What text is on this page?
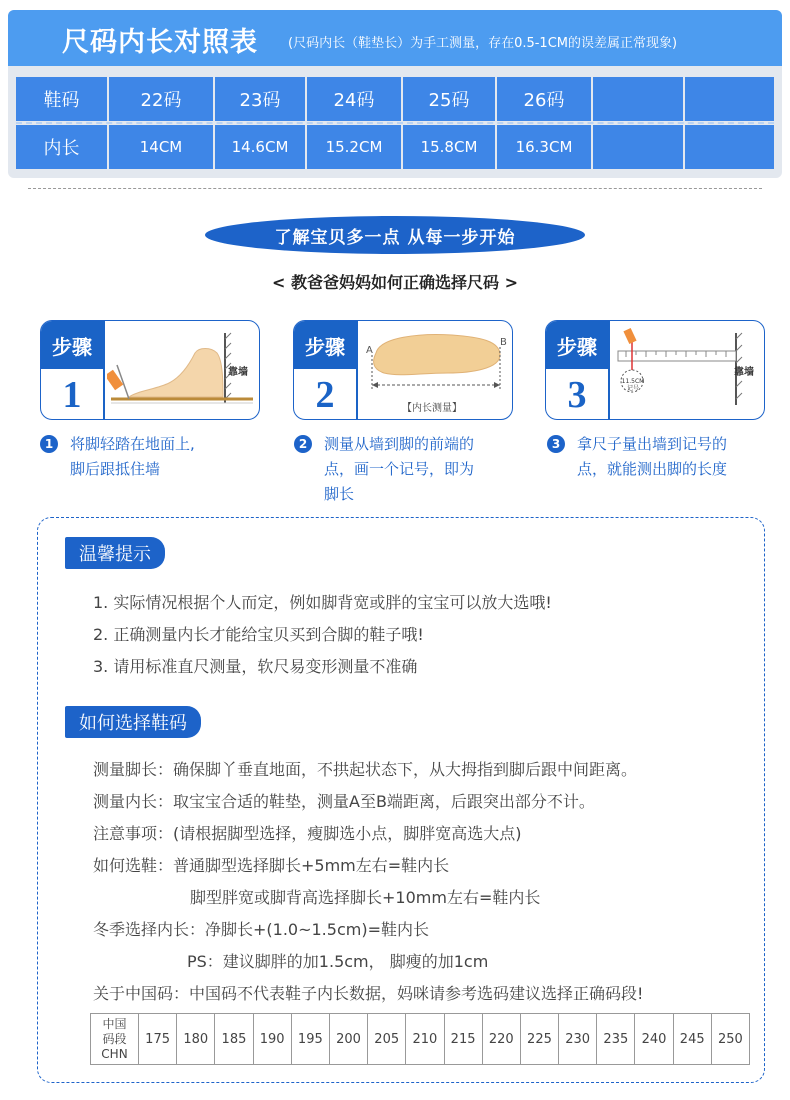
尺码内长对照表 (尺码内长（鞋垫长）为手工测量，存在0.5-1CM的误差属正常现象)
鞋码	22码	23码	24码	25码	26码
内长	14CM	14.6CM	15.2CM	15.8CM	16.3CM
了解宝贝多一点 从每一步开始
< 教爸爸妈妈如何正确选择尺码 >
步骤
1
靠墙
步骤
2
A
B
【内长测量】
步骤
3
靠墙
11.5CM
记号
1	将脚轻踏在地面上,
脚后跟抵住墙
2	测量从墙到脚的前端的
点，画一个记号，即为
脚长
3	拿尺子量出墙到记号的
点，就能测出脚的长度
温馨提示
1. 实际情况根据个人而定，例如脚背宽或胖的宝宝可以放大选哦!
2. 正确测量内长才能给宝贝买到合脚的鞋子哦!
3. 请用标准直尺测量，软尺易变形测量不准确
如何选择鞋码
测量脚长：确保脚丫垂直地面，不拱起状态下，从大拇指到脚后跟中间距离。
测量内长：取宝宝合适的鞋垫，测量A至B端距离，后跟突出部分不计。
注意事项：(请根据脚型选择，瘦脚选小点，脚胖宽高选大点)
如何选鞋：普通脚型选择脚长+5mm左右=鞋内长
脚型胖宽或脚背高选择脚长+10mm左右=鞋内长
冬季选择内长：净脚长+(1.0~1.5cm)=鞋内长
PS：建议脚胖的加1.5cm， 脚瘦的加1cm
关于中国码：中国码不代表鞋子内长数据，妈咪请参考选码建议选择正确码段!
中国
码段
CHN
	175	180	185	190	195	200	205	210	215	220	225	230	235	240	245	250
